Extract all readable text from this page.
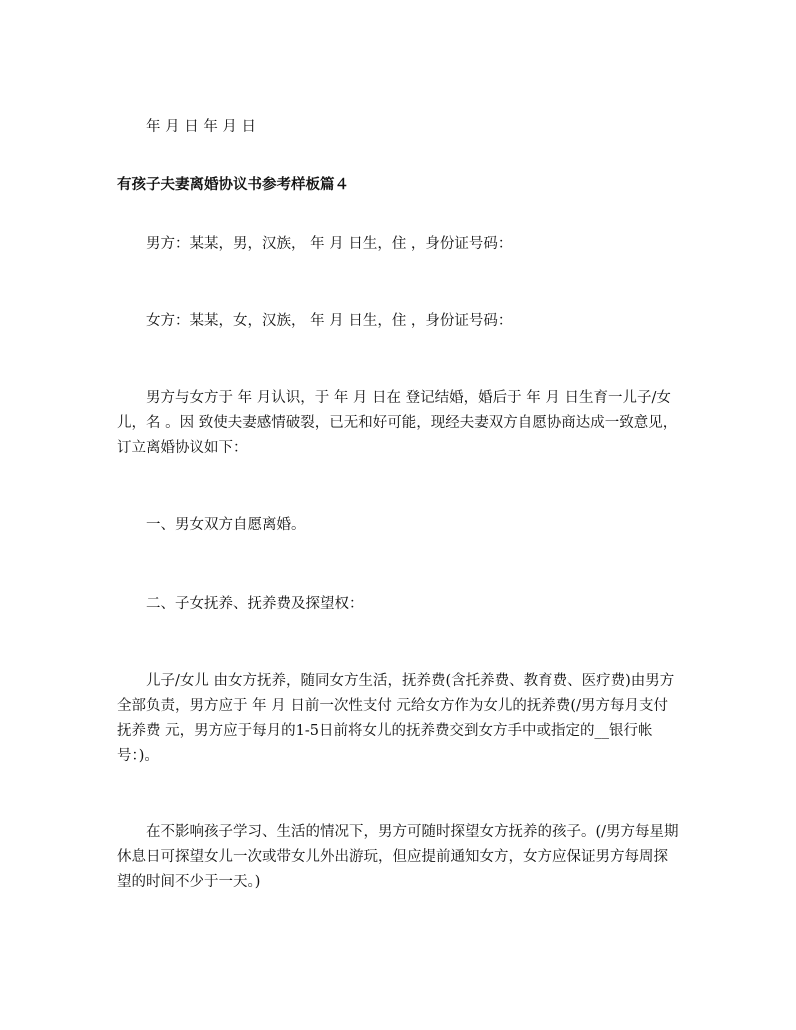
年 月 日 年 月 日

有孩子夫妻离婚协议书参考样板篇４

男方：某某，男，汉族， 年 月 日生，住 ，身份证号码：

女方：某某，女，汉族， 年 月 日生，住 ，身份证号码：

男方与女方于 年 月认识，于 年 月 日在 登记结婚，婚后于 年 月 日生育一儿子/女儿，名 。因 致使夫妻感情破裂，已无和好可能，现经夫妻双方自愿协商达成一致意见，订立离婚协议如下：

一、男女双方自愿离婚。

二、子女抚养、抚养费及探望权：

儿子/女儿 由女方抚养，随同女方生活，抚养费(含托养费、教育费、医疗费)由男方全部负责，男方应于 年 月 日前一次性支付 元给女方作为女儿的抚养费(/男方每月支付抚养费 元，男方应于每月的1-5日前将女儿的抚养费交到女方手中或指定的__银行帐号：)。

在不影响孩子学习、生活的情况下，男方可随时探望女方抚养的孩子。(/男方每星期休息日可探望女儿一次或带女儿外出游玩，但应提前通知女方，女方应保证男方每周探望的时间不少于一天。)
